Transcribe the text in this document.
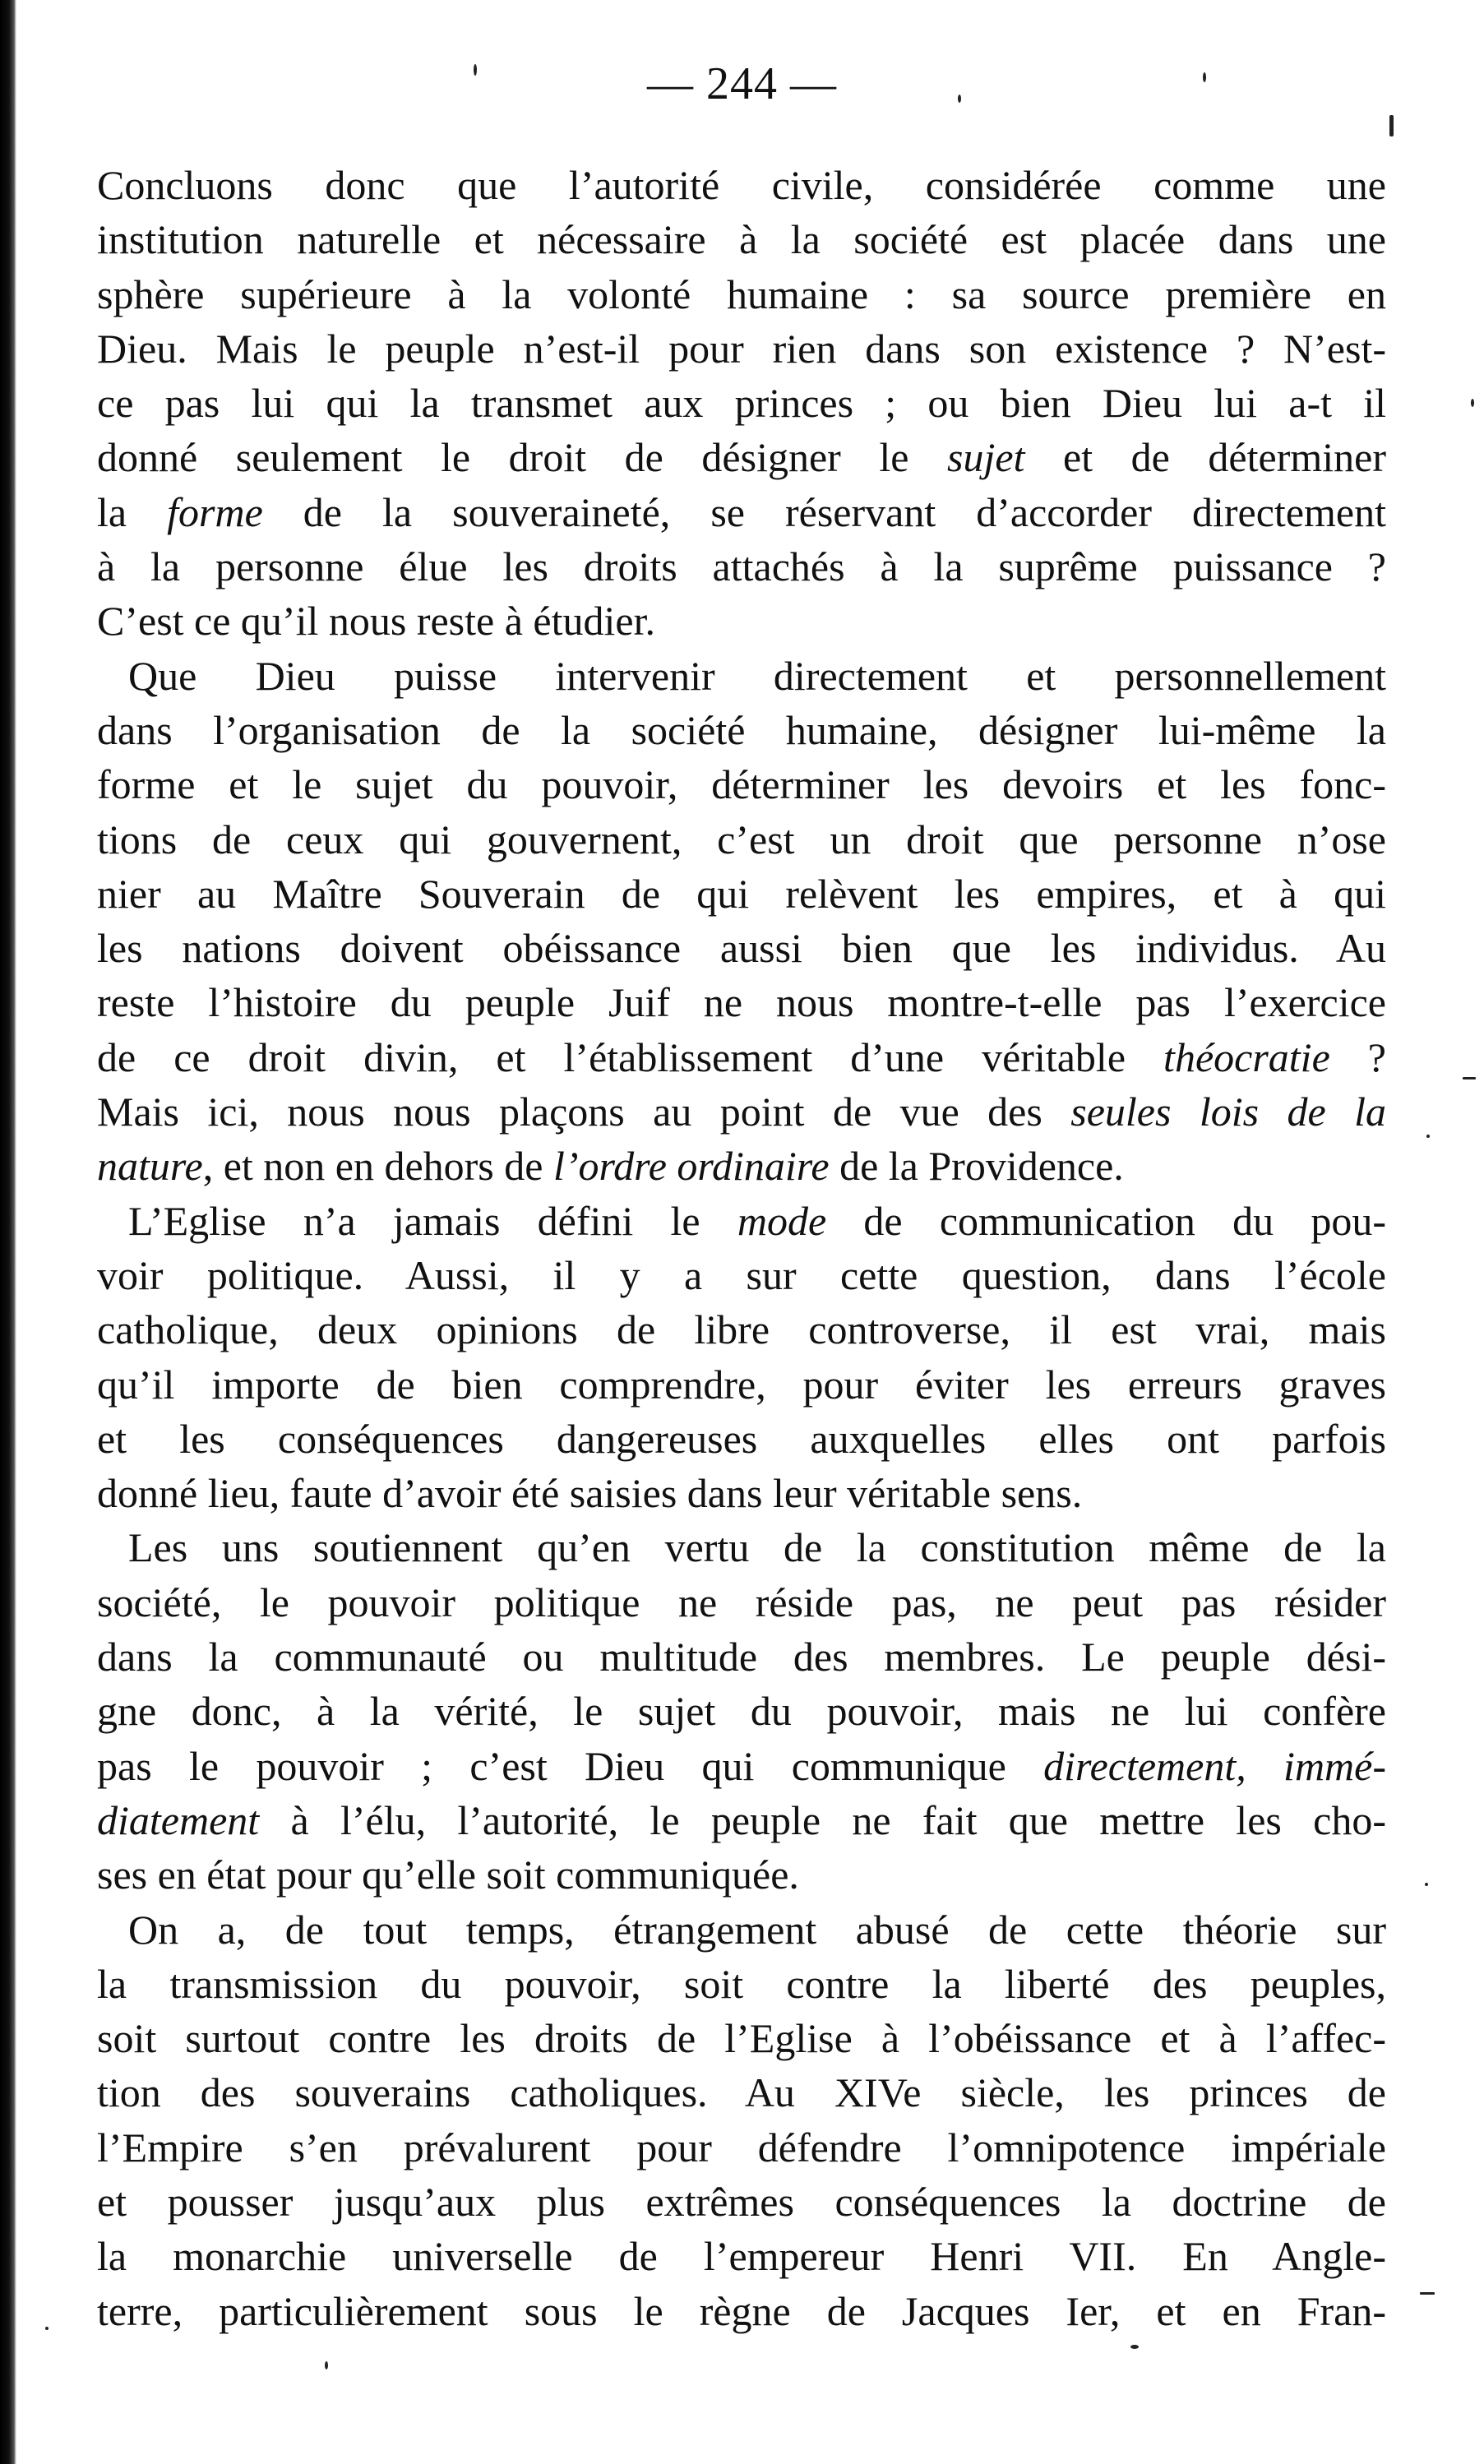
— 244 —
Concluons donc que l’autorité civile, considérée comme une
institution naturelle et nécessaire à la société est placée dans une
sphère supérieure à la volonté humaine : sa source première en
Dieu. Mais le peuple n’est-il pour rien dans son existence ? N’est-
ce pas lui qui la transmet aux princes ; ou bien Dieu lui a-t il
donné seulement le droit de désigner le sujet et de déterminer
la forme de la souveraineté, se réservant d’accorder directement
à la personne élue les droits attachés à la suprême puissance ?
C’est ce qu’il nous reste à étudier.
Que Dieu puisse intervenir directement et personnellement
dans l’organisation de la société humaine, désigner lui-même la
forme et le sujet du pouvoir, déterminer les devoirs et les fonc-
tions de ceux qui gouvernent, c’est un droit que personne n’ose
nier au Maître Souverain de qui relèvent les empires, et à qui
les nations doivent obéissance aussi bien que les individus. Au
reste l’histoire du peuple Juif ne nous montre-t-elle pas l’exercice
de ce droit divin, et l’établissement d’une véritable théocratie ?
Mais ici, nous nous plaçons au point de vue des seules lois de la
nature, et non en dehors de l’ordre ordinaire de la Providence.
L’Eglise n’a jamais défini le mode de communication du pou-
voir politique. Aussi, il y a sur cette question, dans l’école
catholique, deux opinions de libre controverse, il est vrai, mais
qu’il importe de bien comprendre, pour éviter les erreurs graves
et les conséquences dangereuses auxquelles elles ont parfois
donné lieu, faute d’avoir été saisies dans leur véritable sens.
Les uns soutiennent qu’en vertu de la constitution même de la
société, le pouvoir politique ne réside pas, ne peut pas résider
dans la communauté ou multitude des membres. Le peuple dési-
gne donc, à la vérité, le sujet du pouvoir, mais ne lui confère
pas le pouvoir ; c’est Dieu qui communique directement, immé-
diatement à l’élu, l’autorité, le peuple ne fait que mettre les cho-
ses en état pour qu’elle soit communiquée.
On a, de tout temps, étrangement abusé de cette théorie sur
la transmission du pouvoir, soit contre la liberté des peuples,
soit surtout contre les droits de l’Eglise à l’obéissance et à l’affec-
tion des souverains catholiques. Au XIVe siècle, les princes de
l’Empire s’en prévalurent pour défendre l’omnipotence impériale
et pousser jusqu’aux plus extrêmes conséquences la doctrine de
la monarchie universelle de l’empereur Henri VII. En Angle-
terre, particulièrement sous le règne de Jacques Ier, et en Fran-
